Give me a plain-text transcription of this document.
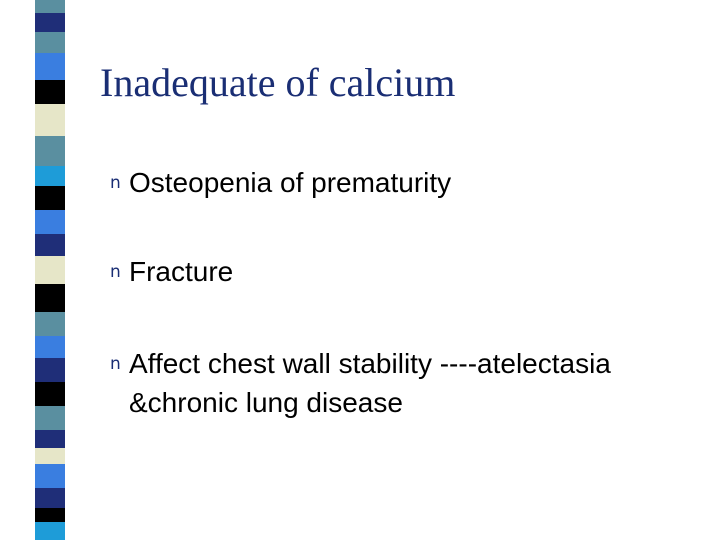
Inadequate of calcium
n Osteopenia of prematurity
n Fracture
n Affect chest wall stability ----atelectasia
&chronic lung disease
